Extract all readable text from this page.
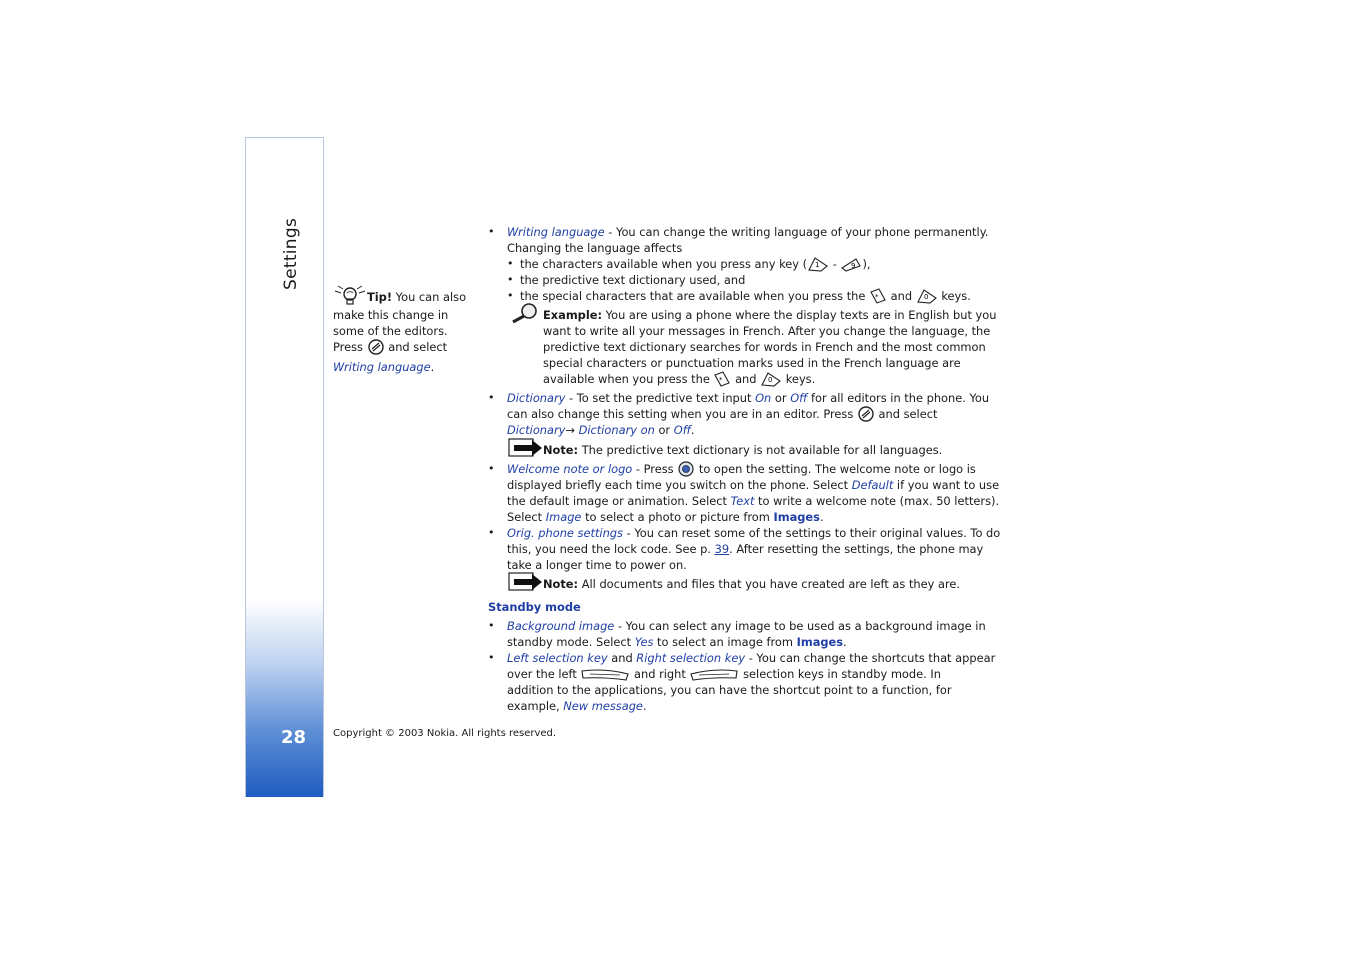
Settings
28
Tip! You can also make this change in some of the editors. Press  and select Writing language.
• Writing language - You can change the writing language of your phone permanently.
Changing the language affects
• the characters available when you press any key ( 1 - 9 ),
• the predictive text dictionary used, and
• the special characters that are available when you press the * and 0 keys.
Example: You are using a phone where the display texts are in English but you
want to write all your messages in French. After you change the language, the
predictive text dictionary searches for words in French and the most common
special characters or punctuation marks used in the French language are
available when you press the * and 0 keys.
• Dictionary - To set the predictive text input On or Off for all editors in the phone. You
can also change this setting when you are in an editor. Press  and select
Dictionary→ Dictionary on or Off.
Note: The predictive text dictionary is not available for all languages.
• Welcome note or logo - Press  to open the setting. The welcome note or logo is
displayed briefly each time you switch on the phone. Select Default if you want to use
the default image or animation. Select Text to write a welcome note (max. 50 letters).
Select Image to select a photo or picture from Images.
• Orig. phone settings - You can reset some of the settings to their original values. To do
this, you need the lock code. See p. 39. After resetting the settings, the phone may
take a longer time to power on.
Note: All documents and files that you have created are left as they are.
Standby mode
• Background image - You can select any image to be used as a background image in
standby mode. Select Yes to select an image from Images.
• Left selection key and Right selection key - You can change the shortcuts that appear
over the left	and right	selection keys in standby mode. In
addition to the applications, you can have the shortcut point to a function, for
example, New message.
Copyright © 2003 Nokia. All rights reserved.
